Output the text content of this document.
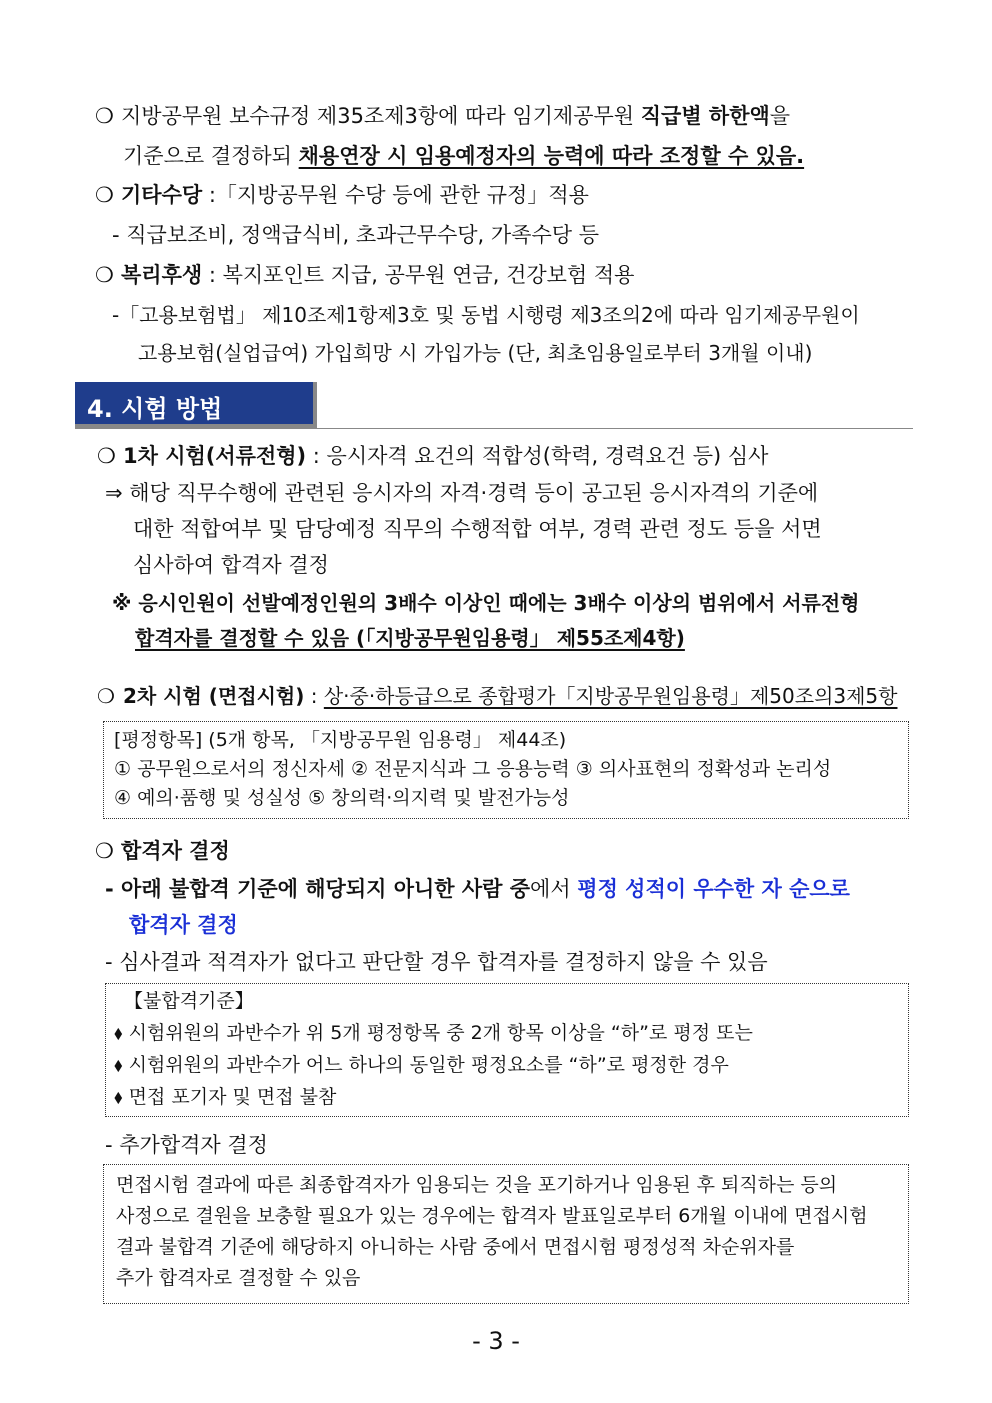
❍ 지방공무원 보수규정 제35조제3항에 따라 임기제공무원 직급별 하한액을
기준으로 결정하되 채용연장 시 임용예정자의 능력에 따라 조정할 수 있음.
❍ 기타수당 :「지방공무원 수당 등에 관한 규정」적용
- 직급보조비, 정액급식비, 초과근무수당, 가족수당 등
❍ 복리후생 : 복지포인트 지급, 공무원 연금, 건강보험 적용
-「고용보험법」 제10조제1항제3호 및 동법 시행령 제3조의2에 따라 임기제공무원이
고용보험(실업급여) 가입희망 시 가입가능 (단, 최초임용일로부터 3개월 이내)
4. 시험 방법
❍ 1차 시험(서류전형) : 응시자격 요건의 적합성(학력, 경력요건 등) 심사
⇒ 해당 직무수행에 관련된 응시자의 자격·경력 등이 공고된 응시자격의 기준에
대한 적합여부 및 담당예정 직무의 수행적합 여부, 경력 관련 정도 등을 서면
심사하여 합격자 결정
※ 응시인원이 선발예정인원의 3배수 이상인 때에는 3배수 이상의 범위에서 서류전형
합격자를 결정할 수 있음 (「지방공무원임용령」 제55조제4항)
❍ 2차 시험 (면접시험) : 상·중·하등급으로 종합평가「지방공무원임용령」제50조의3제5항
[평정항목] (5개 항목, 「지방공무원 임용령」 제44조)
① 공무원으로서의 정신자세 ② 전문지식과 그 응용능력 ③ 의사표현의 정확성과 논리성
④ 예의·품행 및 성실성 ⑤ 창의력·의지력 및 발전가능성
❍ 합격자 결정
- 아래 불합격 기준에 해당되지 아니한 사람 중에서 평정 성적이 우수한 자 순으로
합격자 결정
- 심사결과 적격자가 없다고 판단할 경우 합격자를 결정하지 않을 수 있음
【불합격기준】
⬧ 시험위원의 과반수가 위 5개 평정항목 중 2개 항목 이상을 “하”로 평정 또는
⬧ 시험위원의 과반수가 어느 하나의 동일한 평정요소를 “하”로 평정한 경우
⬧ 면접 포기자 및 면접 불참
- 추가합격자 결정
면접시험 결과에 따른 최종합격자가 임용되는 것을 포기하거나 임용된 후 퇴직하는 등의
사정으로 결원을 보충할 필요가 있는 경우에는 합격자 발표일로부터 6개월 이내에 면접시험
결과 불합격 기준에 해당하지 아니하는 사람 중에서 면접시험 평정성적 차순위자를
추가 합격자로 결정할 수 있음
- 3 -
